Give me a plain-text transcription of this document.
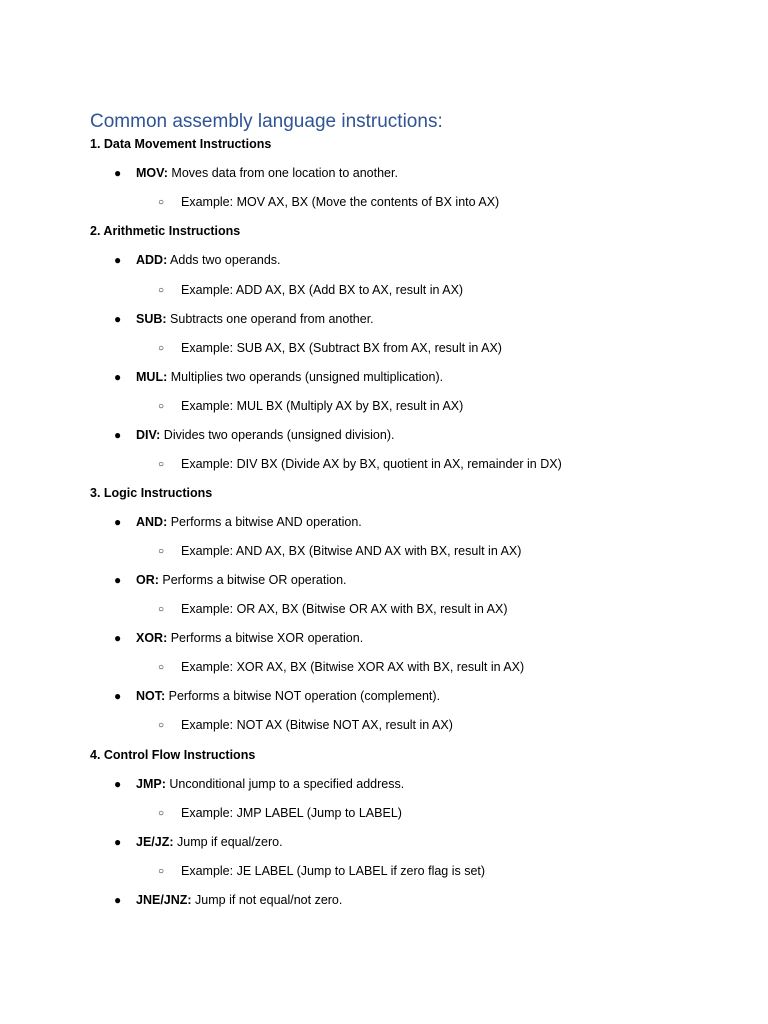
Common assembly language instructions:
1. Data Movement Instructions
● MOV: Moves data from one location to another.
○ Example: MOV AX, BX (Move the contents of BX into AX)
2. Arithmetic Instructions
● ADD: Adds two operands.
○ Example: ADD AX, BX (Add BX to AX, result in AX)
● SUB: Subtracts one operand from another.
○ Example: SUB AX, BX (Subtract BX from AX, result in AX)
● MUL: Multiplies two operands (unsigned multiplication).
○ Example: MUL BX (Multiply AX by BX, result in AX)
● DIV: Divides two operands (unsigned division).
○ Example: DIV BX (Divide AX by BX, quotient in AX, remainder in DX)
3. Logic Instructions
● AND: Performs a bitwise AND operation.
○ Example: AND AX, BX (Bitwise AND AX with BX, result in AX)
● OR: Performs a bitwise OR operation.
○ Example: OR AX, BX (Bitwise OR AX with BX, result in AX)
● XOR: Performs a bitwise XOR operation.
○ Example: XOR AX, BX (Bitwise XOR AX with BX, result in AX)
● NOT: Performs a bitwise NOT operation (complement).
○ Example: NOT AX (Bitwise NOT AX, result in AX)
4. Control Flow Instructions
● JMP: Unconditional jump to a specified address.
○ Example: JMP LABEL (Jump to LABEL)
● JE/JZ: Jump if equal/zero.
○ Example: JE LABEL (Jump to LABEL if zero flag is set)
● JNE/JNZ: Jump if not equal/not zero.
